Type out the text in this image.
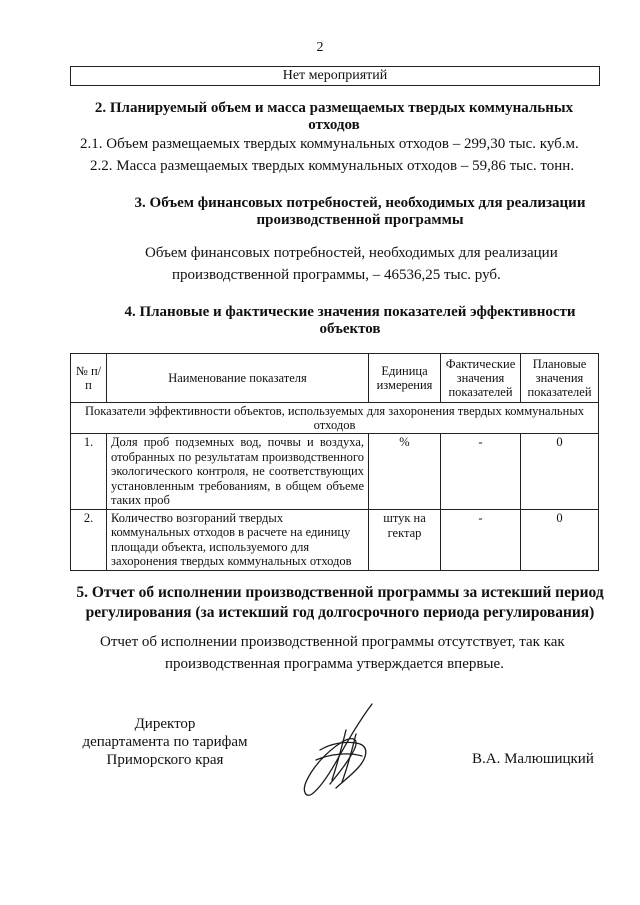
2
Нет мероприятий
2. Планируемый объем и масса размещаемых твердых коммунальных
отходов
2.1. Объем размещаемых твердых коммунальных отходов – 299,30 тыс. куб.м.
2.2. Масса размещаемых твердых коммунальных отходов – 59,86 тыс. тонн.
3. Объем финансовых потребностей, необходимых для реализации
производственной программы
Объем финансовых потребностей, необходимых для реализации
производственной программы, – 46536,25 тыс. руб.
4. Плановые и фактические значения показателей эффективности
объектов
№ п/п	Наименование показателя	Единица измерения	Фактические значения показателей	Плановые значения показателей
Показатели эффективности объектов, используемых для захоронения твердых коммунальных отходов				
1.	Доля проб подземных вод, почвы и воздуха, отобранных по результатам производственного экологического контроля, не соответствующих установленным требованиям, в общем объеме таких проб	%	-	0
2.	Количество возгораний твердых коммунальных отходов в расчете на единицу площади объекта, используемого для захоронения твердых коммунальных отходов	штук на гектар	-	0
5. Отчет об исполнении производственной программы за истекший период
регулирования (за истекший год долгосрочного периода регулирования)
Отчет об исполнении производственной программы отсутствует, так как
производственная программа утверждается впервые.
Директор
департамента по тарифам
Приморского края	В.А. Малюшицкий
